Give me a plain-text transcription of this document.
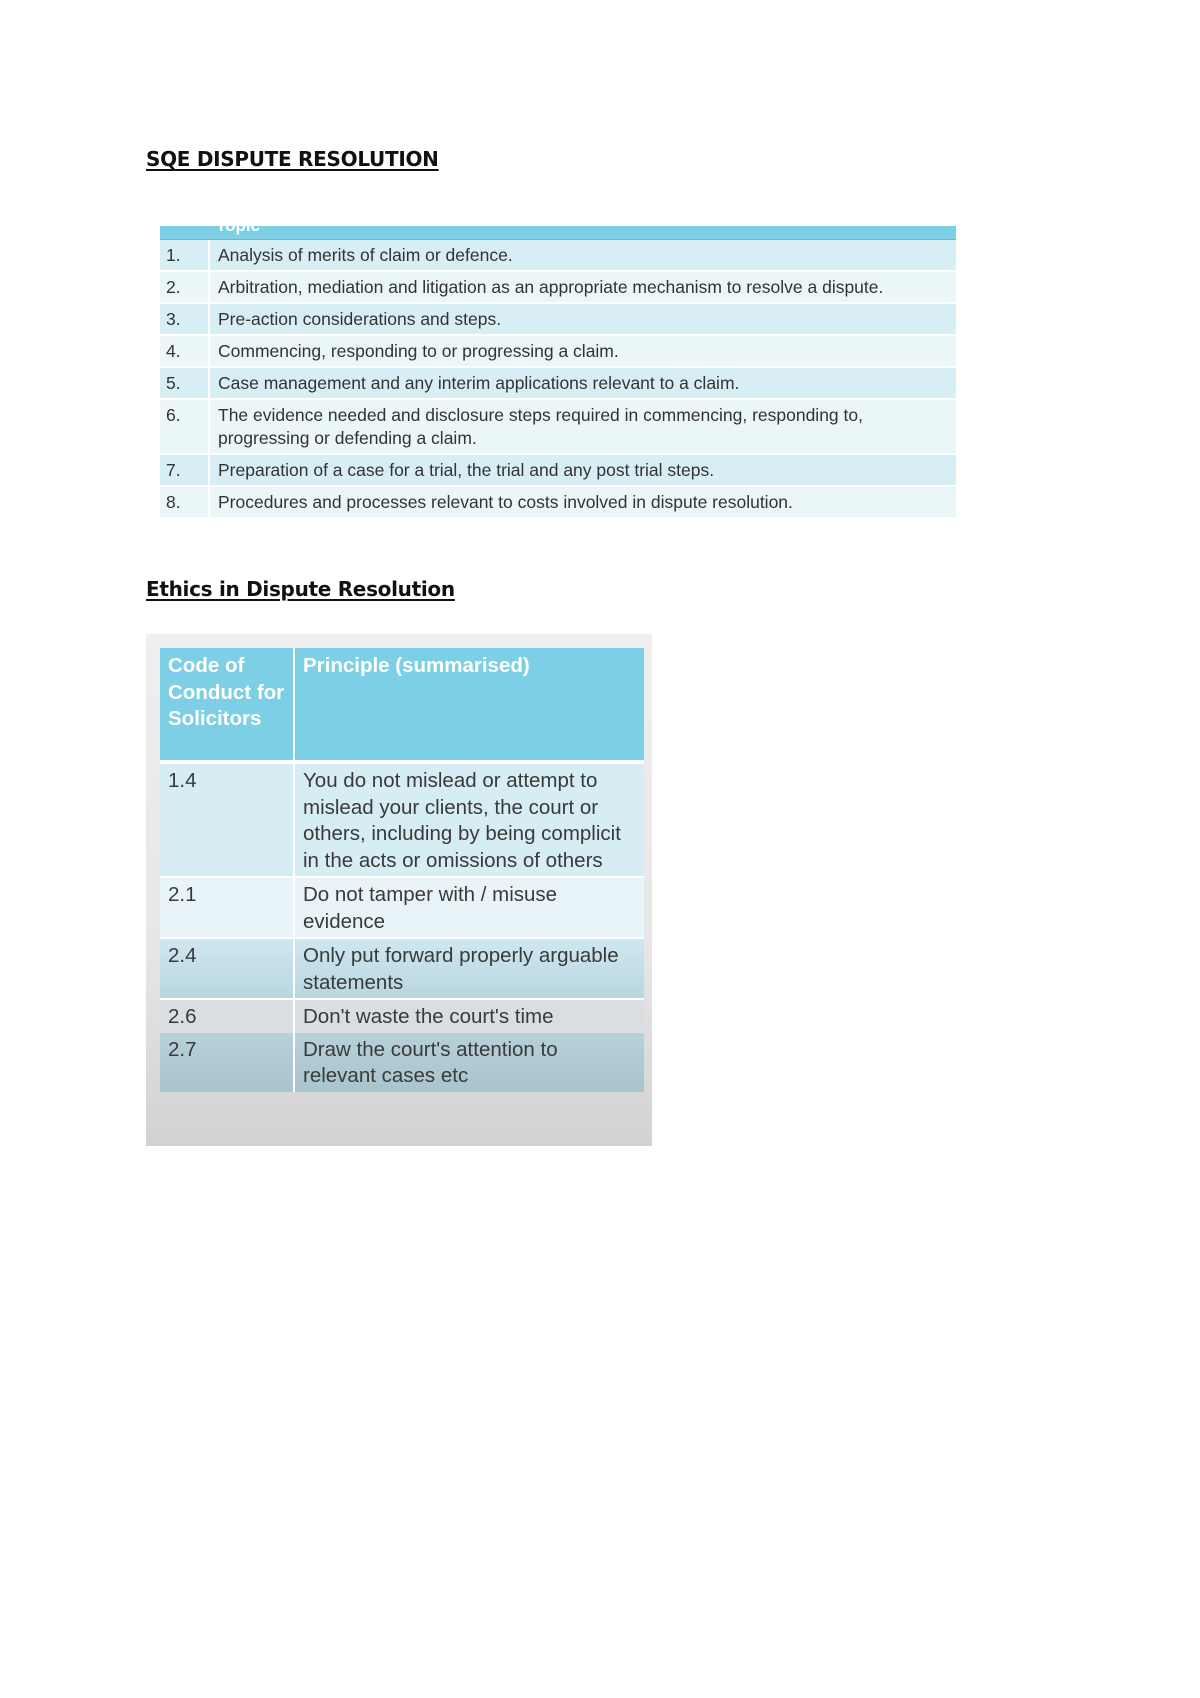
SQE DISPUTE RESOLUTION
Topic
1.	Analysis of merits of claim or defence.
2.	Arbitration, mediation and litigation as an appropriate mechanism to resolve a dispute.
3.	Pre-action considerations and steps.
4.	Commencing, responding to or progressing a claim.
5.	Case management and any interim applications relevant to a claim.
6.	The evidence needed and disclosure steps required in commencing, responding to, progressing or defending a claim.
7.	Preparation of a case for a trial, the trial and any post trial steps.
8.	Procedures and processes relevant to costs involved in dispute resolution.
Ethics in Dispute Resolution
Code of Conduct for Solicitors	Principle (summarised)
1.4	You do not mislead or attempt to mislead your clients, the court or others, including by being complicit in the acts or omissions of others
2.1	Do not tamper with / misuse evidence
2.4	Only put forward properly arguable statements
2.6	Don't waste the court's time
2.7	Draw the court's attention to relevant cases etc
